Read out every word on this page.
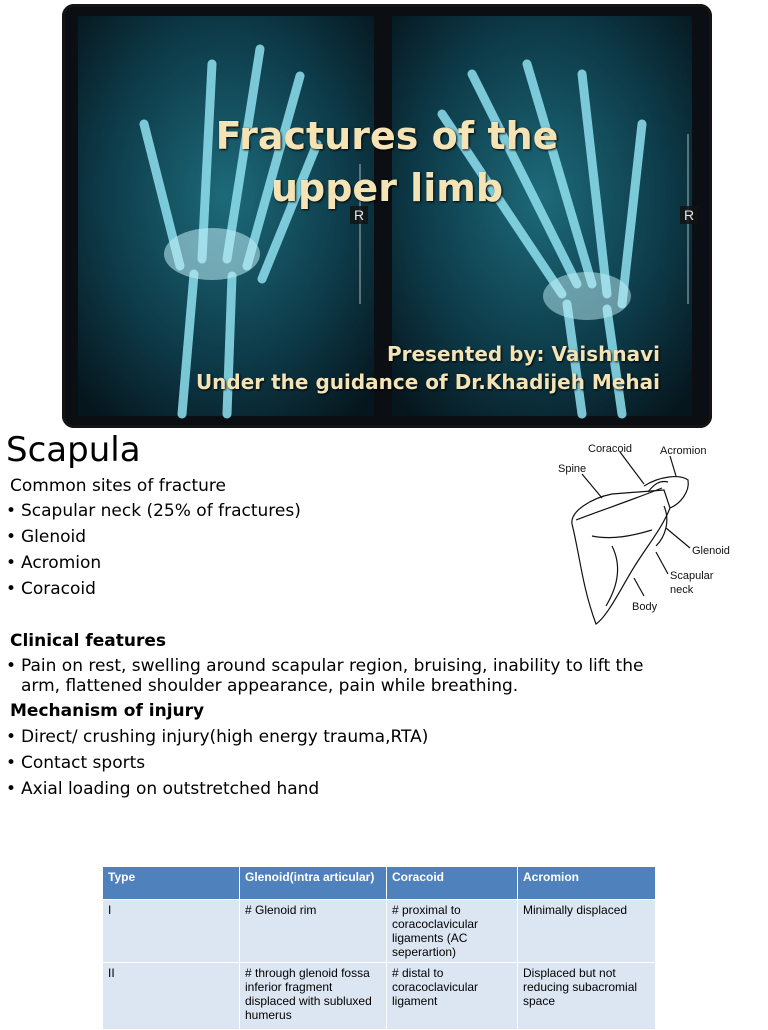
R	R
Fractures of the
upper limb
Presented by: Vaishnavi
Under the guidance of Dr.Khadijeh Mehai
Scapula
Common sites of fracture
• Scapular neck (25% of fractures)
• Glenoid
• Acromion
• Coracoid
Clinical features
• Pain on rest, swelling around scapular region, bruising, inability to lift the arm, flattened shoulder appearance, pain while breathing.
Mechanism of injury
• Direct/ crushing injury(high energy trauma,RTA)
• Contact sports
• Axial loading on outstretched hand
Coracoid	Acromion
Spine
Glenoid
Scapular
neck
Body
Type	Glenoid(intra articular)	Coracoid	Acromion
I	# Glenoid rim	# proximal to coracoclavicular ligaments (AC seperartion)	Minimally displaced
II	# through glenoid fossa inferior fragment displaced with subluxed humerus	# distal to coracoclavicular ligament	Displaced but not reducing subacromial space
